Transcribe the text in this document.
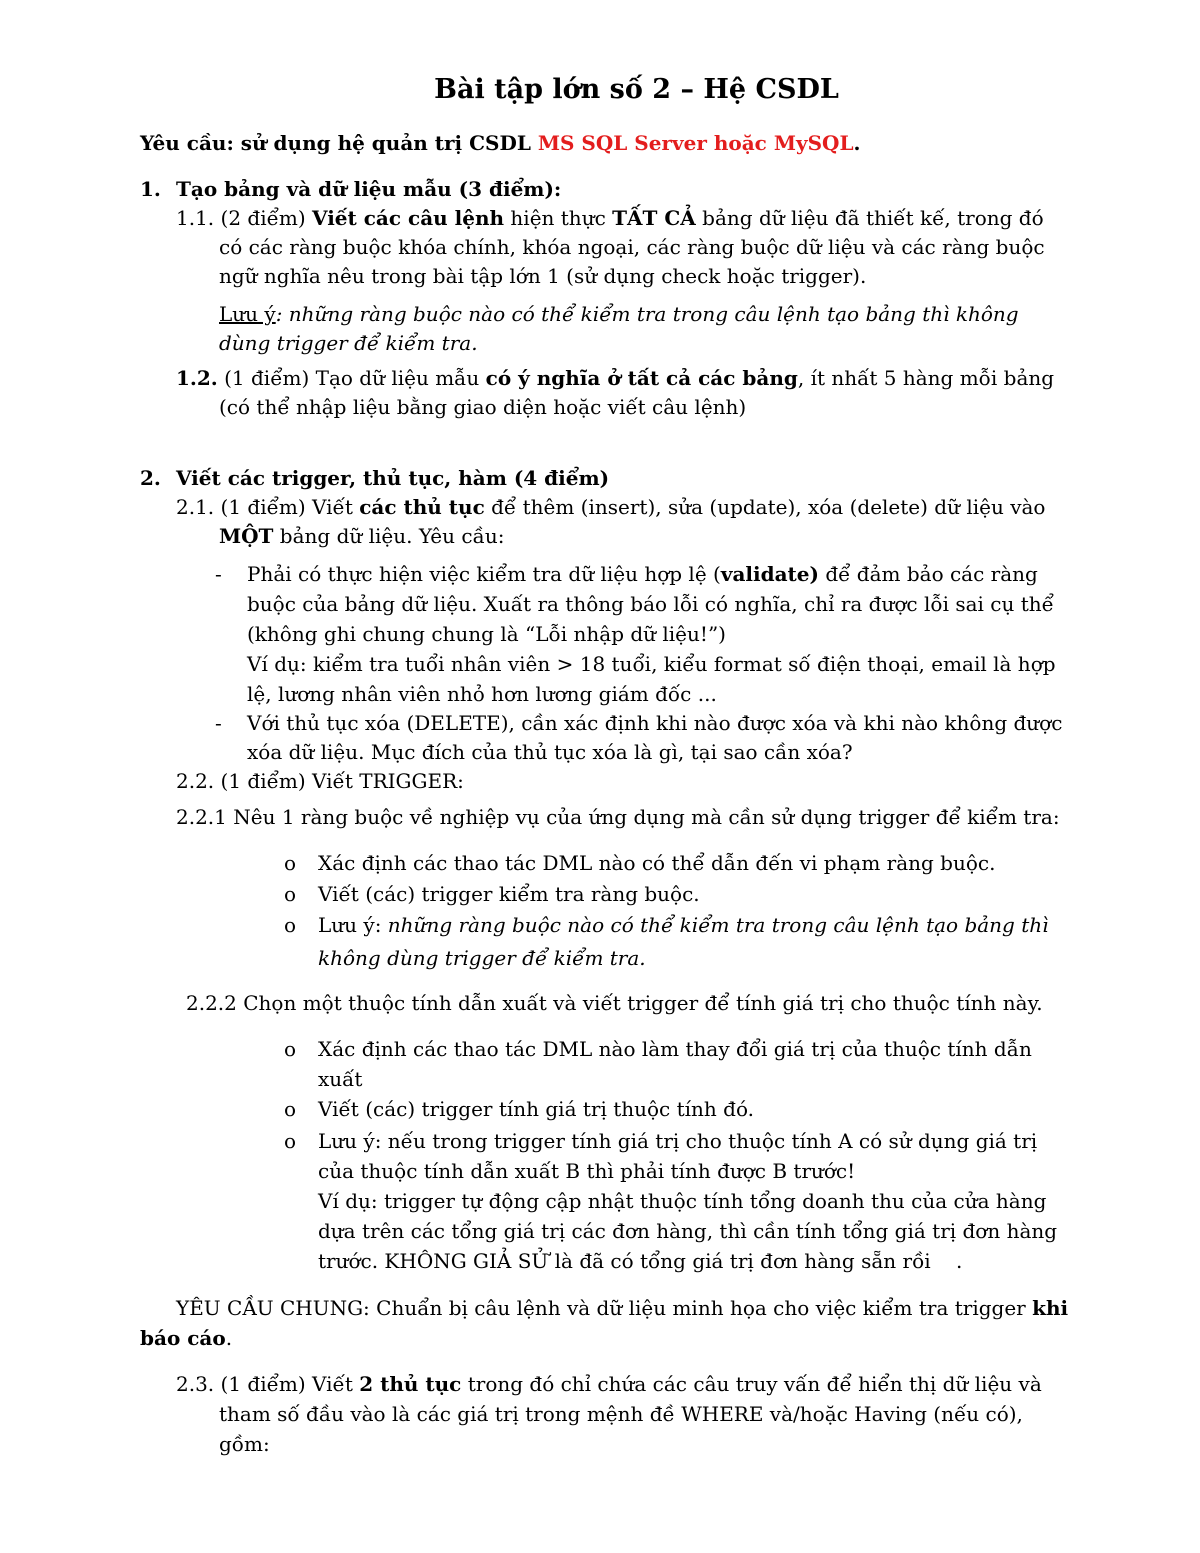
Bài tập lớn số 2 – Hệ CSDL
Yêu cầu: sử dụng hệ quản trị CSDL MS SQL Server hoặc MySQL.
1. Tạo bảng và dữ liệu mẫu (3 điểm):
1.1. (2 điểm) Viết các câu lệnh hiện thực TẤT CẢ bảng dữ liệu đã thiết kế, trong đó
có các ràng buộc khóa chính, khóa ngoại, các ràng buộc dữ liệu và các ràng buộc
ngữ nghĩa nêu trong bài tập lớn 1 (sử dụng check hoặc trigger).
Lưu ý: những ràng buộc nào có thể kiểm tra trong câu lệnh tạo bảng thì không
dùng trigger để kiểm tra.
1.2. (1 điểm) Tạo dữ liệu mẫu có ý nghĩa ở tất cả các bảng, ít nhất 5 hàng mỗi bảng
(có thể nhập liệu bằng giao diện hoặc viết câu lệnh)
2. Viết các trigger, thủ tục, hàm (4 điểm)
2.1. (1 điểm) Viết các thủ tục để thêm (insert), sửa (update), xóa (delete) dữ liệu vào
MỘT bảng dữ liệu. Yêu cầu:
- Phải có thực hiện việc kiểm tra dữ liệu hợp lệ (validate) để đảm bảo các ràng
buộc của bảng dữ liệu. Xuất ra thông báo lỗi có nghĩa, chỉ ra được lỗi sai cụ thể
(không ghi chung chung là “Lỗi nhập dữ liệu!”)
Ví dụ: kiểm tra tuổi nhân viên > 18 tuổi, kiểu format số điện thoại, email là hợp
lệ, lương nhân viên nhỏ hơn lương giám đốc ...
- Với thủ tục xóa (DELETE), cần xác định khi nào được xóa và khi nào không được
xóa dữ liệu. Mục đích của thủ tục xóa là gì, tại sao cần xóa?
2.2. (1 điểm) Viết TRIGGER:
2.2.1 Nêu 1 ràng buộc về nghiệp vụ của ứng dụng mà cần sử dụng trigger để kiểm tra:
o Xác định các thao tác DML nào có thể dẫn đến vi phạm ràng buộc.
o Viết (các) trigger kiểm tra ràng buộc.
o Lưu ý: những ràng buộc nào có thể kiểm tra trong câu lệnh tạo bảng thì
không dùng trigger để kiểm tra.
2.2.2 Chọn một thuộc tính dẫn xuất và viết trigger để tính giá trị cho thuộc tính này.
o Xác định các thao tác DML nào làm thay đổi giá trị của thuộc tính dẫn
xuất
o Viết (các) trigger tính giá trị thuộc tính đó.
o Lưu ý: nếu trong trigger tính giá trị cho thuộc tính A có sử dụng giá trị
của thuộc tính dẫn xuất B thì phải tính được B trước!
Ví dụ: trigger tự động cập nhật thuộc tính tổng doanh thu của cửa hàng
dựa trên các tổng giá trị các đơn hàng, thì cần tính tổng giá trị đơn hàng
trước. KHÔNG GIẢ SỬ là đã có tổng giá trị đơn hàng sẵn rồi .
YÊU CẦU CHUNG: Chuẩn bị câu lệnh và dữ liệu minh họa cho việc kiểm tra trigger khi
báo cáo.
2.3. (1 điểm) Viết 2 thủ tục trong đó chỉ chứa các câu truy vấn để hiển thị dữ liệu và
tham số đầu vào là các giá trị trong mệnh đề WHERE và/hoặc Having (nếu có),
gồm:
